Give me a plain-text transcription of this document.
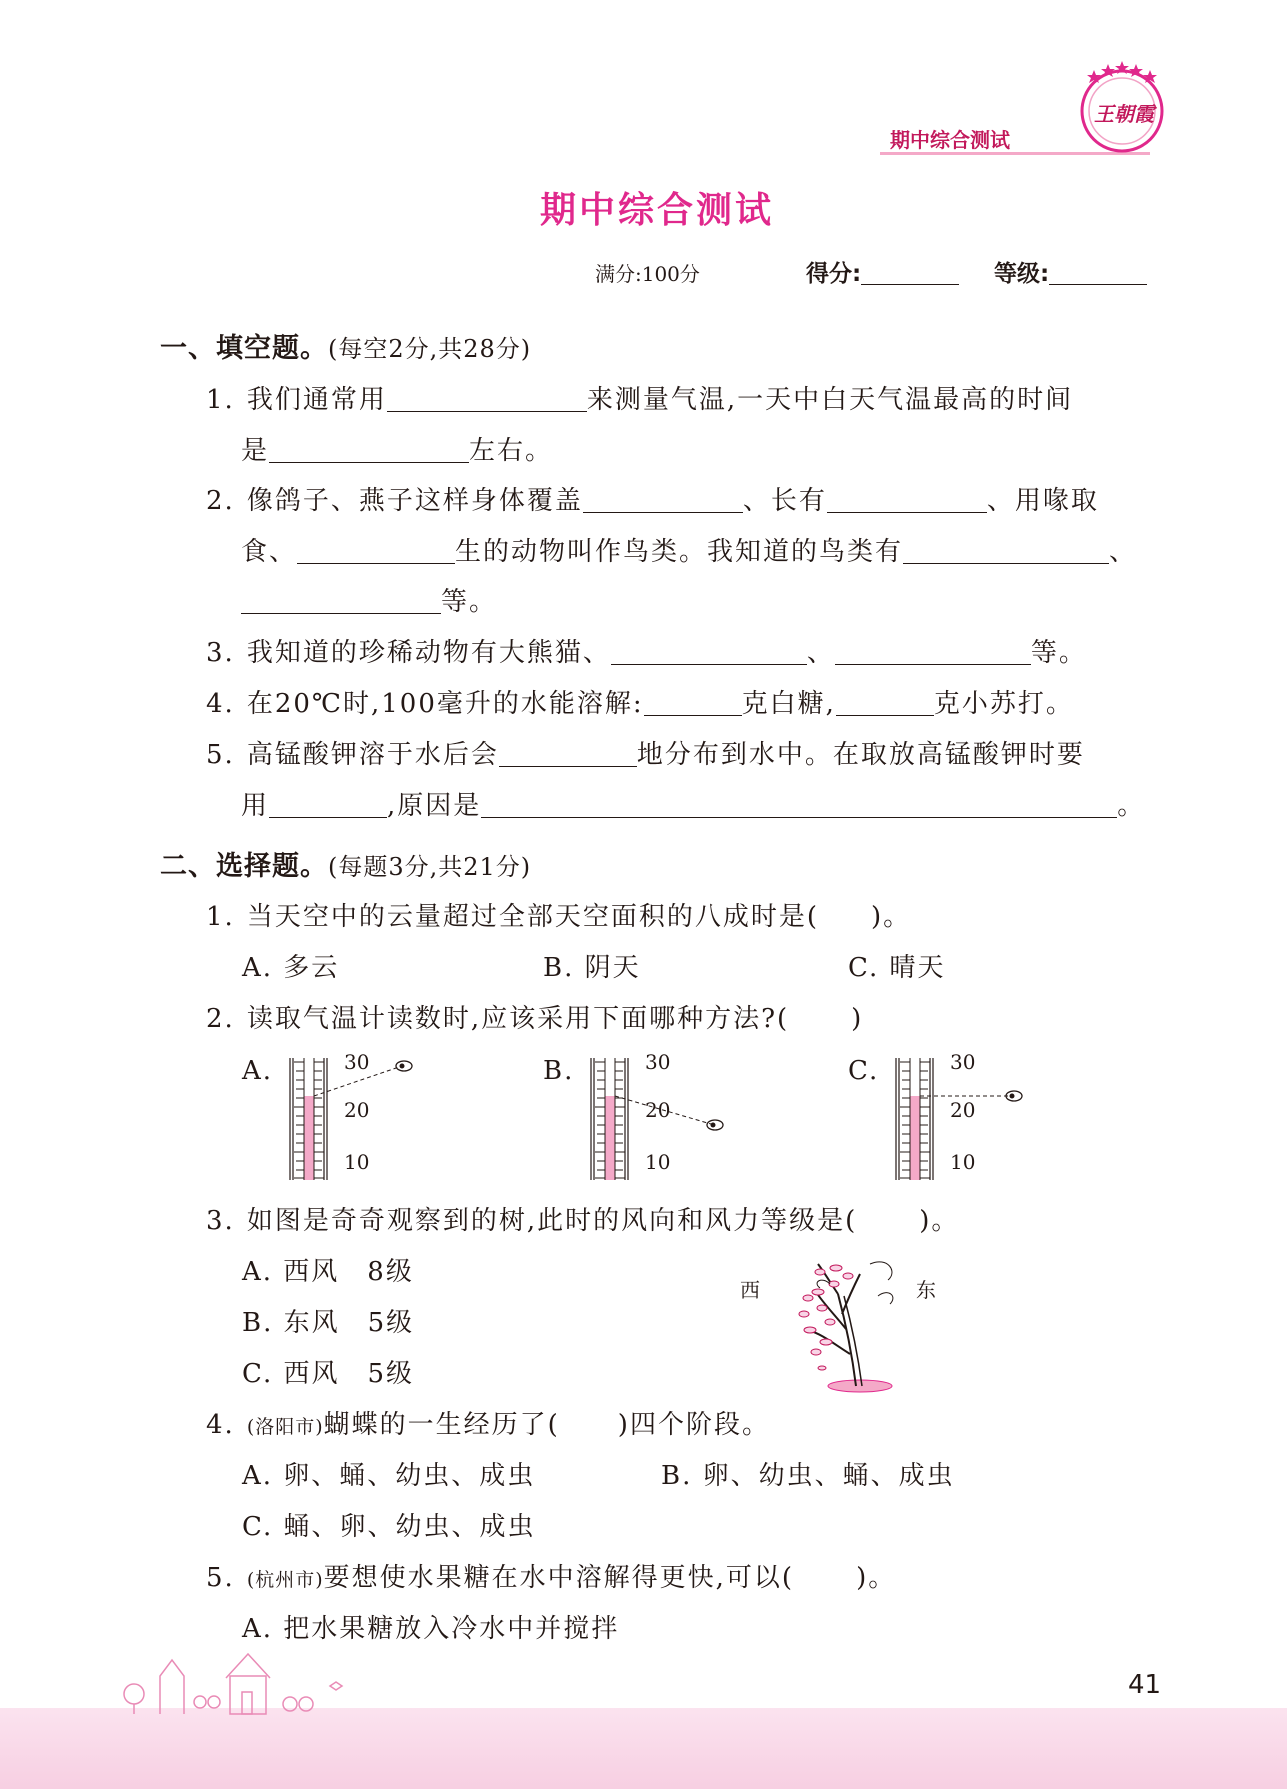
期中综合测试
王朝霞
期中综合测试
满分:100分	得分:	等级:
一、填空题。(每空2分,共28分)
1. 我们通常用	来测量气温,一天中白天气温最高的时间
是	左右。
2. 像鸽子、燕子这样身体覆盖	、长有	、用喙取
食、	生的动物叫作鸟类。我知道的鸟类有	、
等。
3. 我知道的珍稀动物有大熊猫、	、	等。
4. 在20℃时,100毫升的水能溶解:	克白糖,	克小苏打。
5. 高锰酸钾溶于水后会	地分布到水中。在取放高锰酸钾时要
用	,原因是	。
二、选择题。(每题3分,共21分)
1. 当天空中的云量超过全部天空面积的八成时是( )。
A. 多云	B. 阴天	C. 晴天
2. 读取气温计读数时,应该采用下面哪种方法?( )
A.	B.	C.
30
20
10
30
20
10
30
20
10
3. 如图是奇奇观察到的树,此时的风向和风力等级是( )。
A. 西风　8级
B. 东风　5级
C. 西风　5级
西	东
4. (洛阳市)蝴蝶的一生经历了( )四个阶段。
A. 卵、蛹、幼虫、成虫	B. 卵、幼虫、蛹、成虫
C. 蛹、卵、幼虫、成虫
5. (杭州市)要想使水果糖在水中溶解得更快,可以( )。
A. 把水果糖放入冷水中并搅拌
41
